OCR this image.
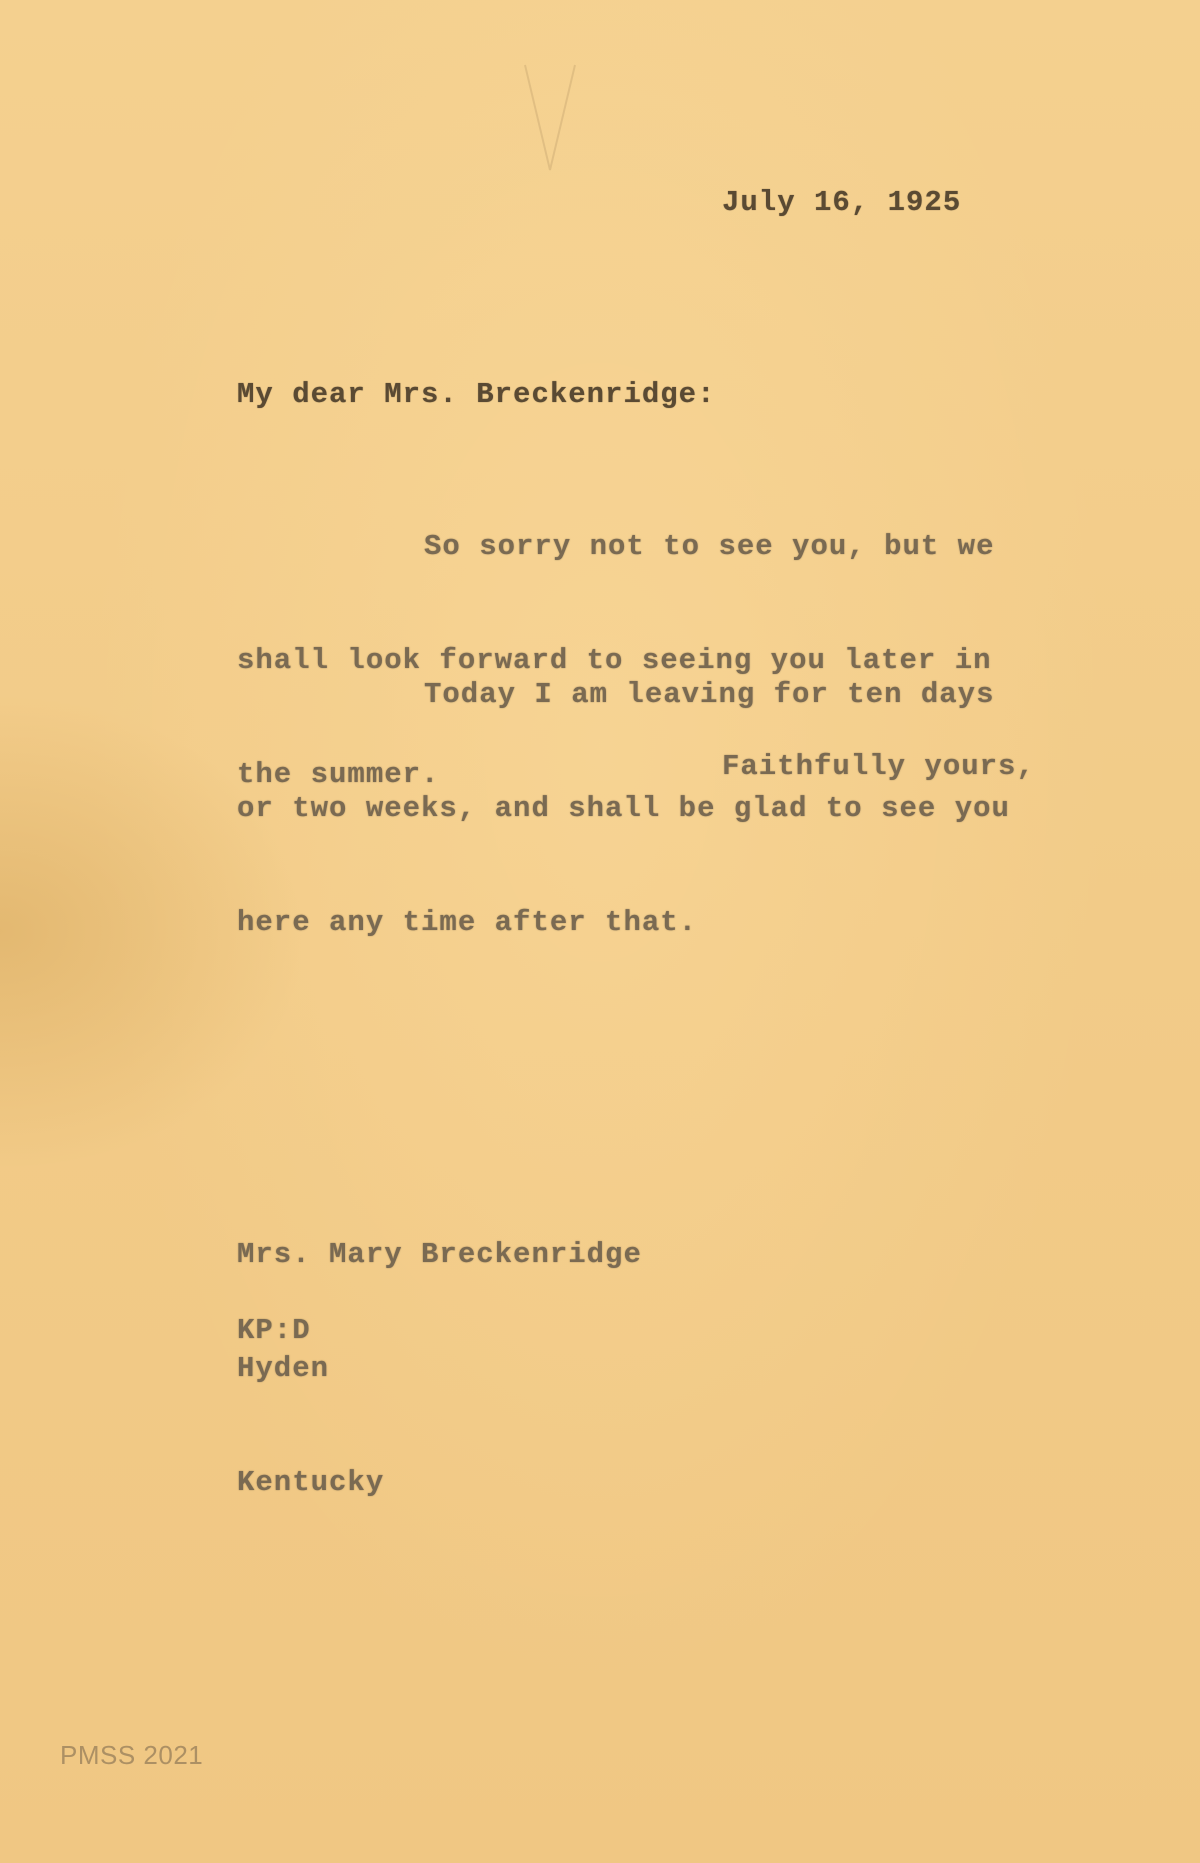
July 16, 1925
My dear Mrs. Breckenridge:

So sorry not to see you, but we

shall look forward to seeing you later in

the summer.

Today I am leaving for ten days

or two weeks, and shall be glad to see you

here any time after that.

Faithfully yours,

Mrs. Mary Breckenridge

Hyden

Kentucky

KP:D
PMSS 2021
